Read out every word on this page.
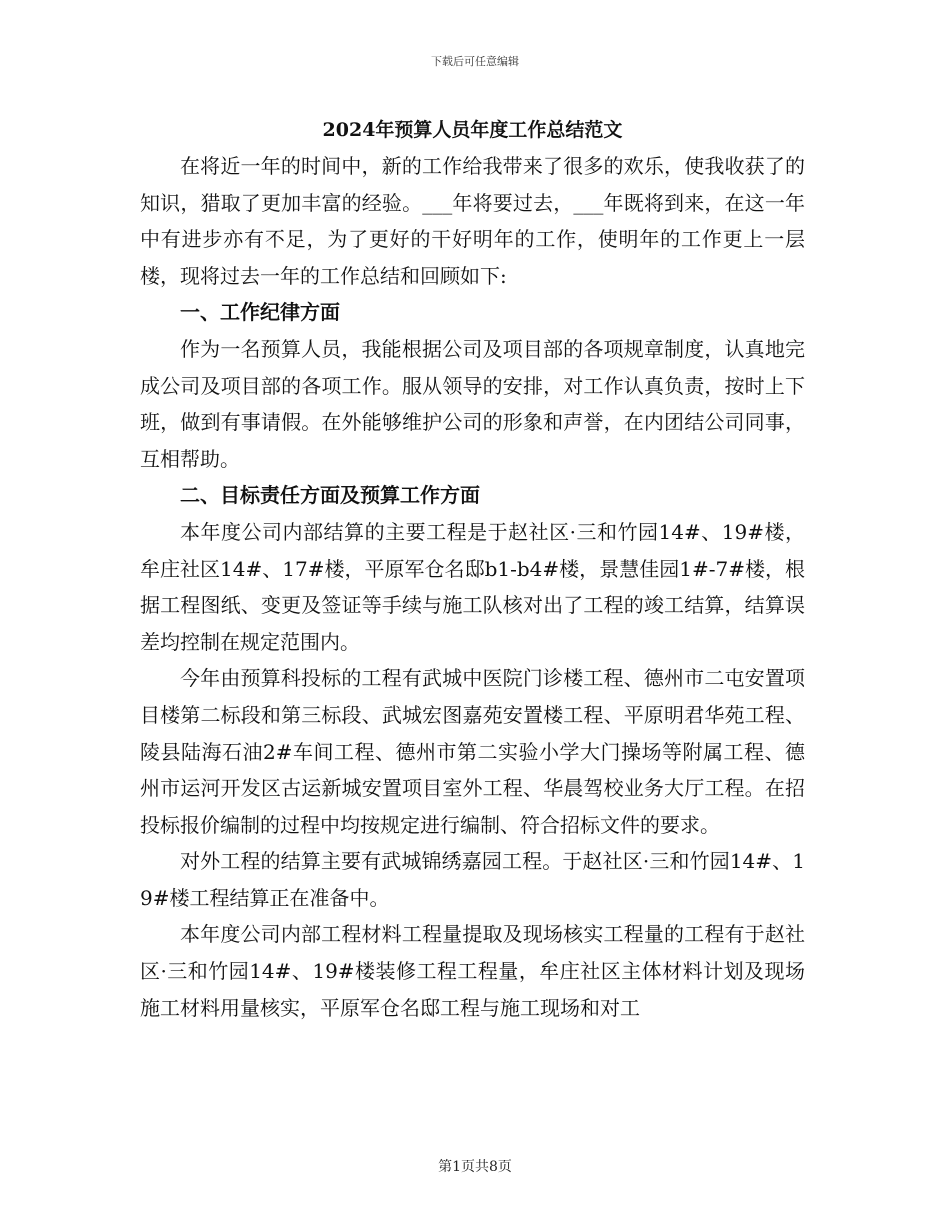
下载后可任意编辑
2024年预算人员年度工作总结范文

在将近一年的时间中，新的工作给我带来了很多的欢乐，使我收获了的知识，猎取了更加丰富的经验。___年将要过去，___年既将到来，在这一年中有进步亦有不足，为了更好的干好明年的工作，使明年的工作更上一层楼，现将过去一年的工作总结和回顾如下:

一、工作纪律方面

作为一名预算人员，我能根据公司及项目部的各项规章制度，认真地完成公司及项目部的各项工作。服从领导的安排，对工作认真负责，按时上下班，做到有事请假。在外能够维护公司的形象和声誉，在内团结公司同事，互相帮助。

二、目标责任方面及预算工作方面

本年度公司内部结算的主要工程是于赵社区·三和竹园14#、19#楼，牟庄社区14#、17#楼，平原军仓名邸b1-b4#楼，景慧佳园1#-7#楼，根据工程图纸、变更及签证等手续与施工队核对出了工程的竣工结算，结算误差均控制在规定范围内。

今年由预算科投标的工程有武城中医院门诊楼工程、德州市二屯安置项目楼第二标段和第三标段、武城宏图嘉苑安置楼工程、平原明君华苑工程、陵县陆海石油2#车间工程、德州市第二实验小学大门操场等附属工程、德州市运河开发区古运新城安置项目室外工程、华晨驾校业务大厅工程。在招投标报价编制的过程中均按规定进行编制、符合招标文件的要求。

对外工程的结算主要有武城锦绣嘉园工程。于赵社区·三和竹园14#、19#楼工程结算正在准备中。

本年度公司内部工程材料工程量提取及现场核实工程量的工程有于赵社区·三和竹园14#、19#楼装修工程工程量，牟庄社区主体材料计划及现场施工材料用量核实，平原军仓名邸工程与施工现场和对工

第1页共8页
